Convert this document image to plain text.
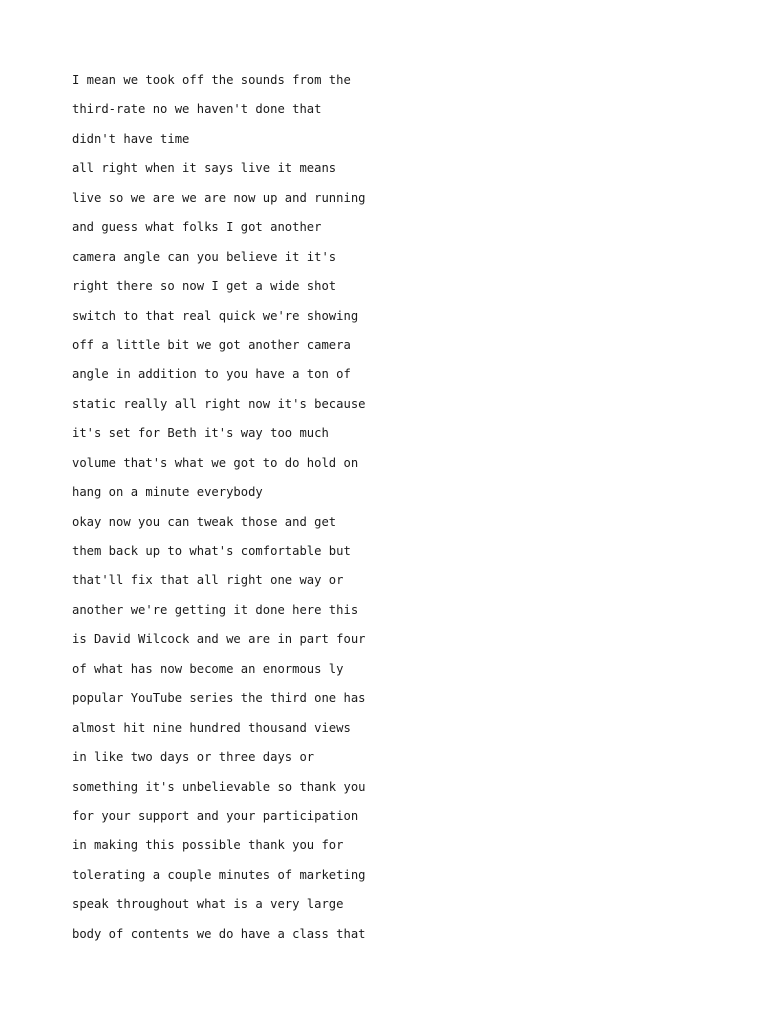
I mean we took off the sounds from the
third-rate no we haven't done that
didn't have time
all right when it says live it means
live so we are we are now up and running
and guess what folks I got another
camera angle can you believe it it's
right there so now I get a wide shot
switch to that real quick we're showing
off a little bit we got another camera
angle in addition to you have a ton of
static really all right now it's because
it's set for Beth it's way too much
volume that's what we got to do hold on
hang on a minute everybody
okay now you can tweak those and get
them back up to what's comfortable but
that'll fix that all right one way or
another we're getting it done here this
is David Wilcock and we are in part four
of what has now become an enormous ly
popular YouTube series the third one has
almost hit nine hundred thousand views
in like two days or three days or
something it's unbelievable so thank you
for your support and your participation
in making this possible thank you for
tolerating a couple minutes of marketing
speak throughout what is a very large
body of contents we do have a class that
